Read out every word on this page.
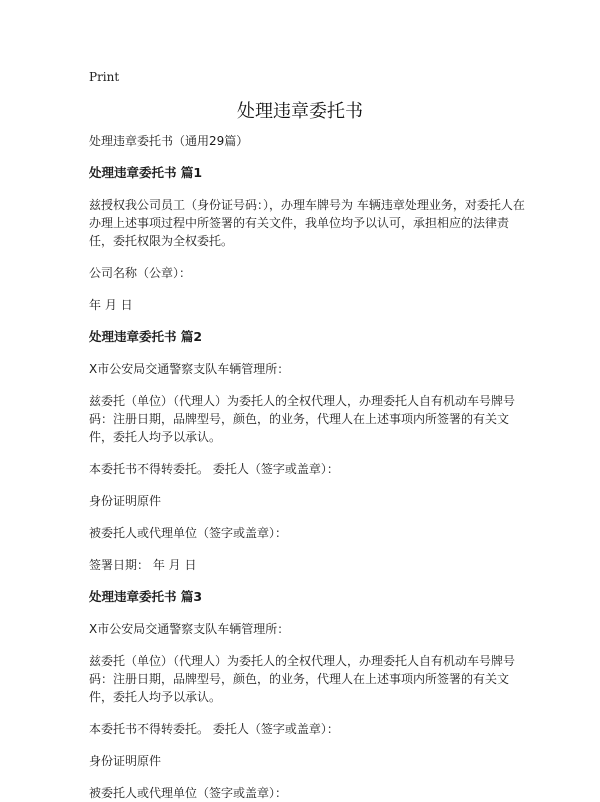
Print
处理违章委托书

处理违章委托书（通用29篇）

处理违章委托书 篇1

兹授权我公司员工（身份证号码：），办理车牌号为 车辆违章处理业务，对委托人在办理上述事项过程中所签署的有关文件，我单位均予以认可，承担相应的法律责任，委托权限为全权委托。

公司名称（公章）：

年 月 日

处理违章委托书 篇2

X市公安局交通警察支队车辆管理所：

兹委托（单位）（代理人）为委托人的全权代理人，办理委托人自有机动车号牌号码：注册日期，品牌型号，颜色，的业务，代理人在上述事项内所签署的有关文件，委托人均予以承认。

本委托书不得转委托。 委托人（签字或盖章）：

身份证明原件

被委托人或代理单位（签字或盖章）：

签署日期： 年 月 日

处理违章委托书 篇3

X市公安局交通警察支队车辆管理所：

兹委托（单位）（代理人）为委托人的全权代理人，办理委托人自有机动车号牌号码：注册日期，品牌型号，颜色，的业务，代理人在上述事项内所签署的有关文件，委托人均予以承认。

本委托书不得转委托。 委托人（签字或盖章）：

身份证明原件

被委托人或代理单位（签字或盖章）：
